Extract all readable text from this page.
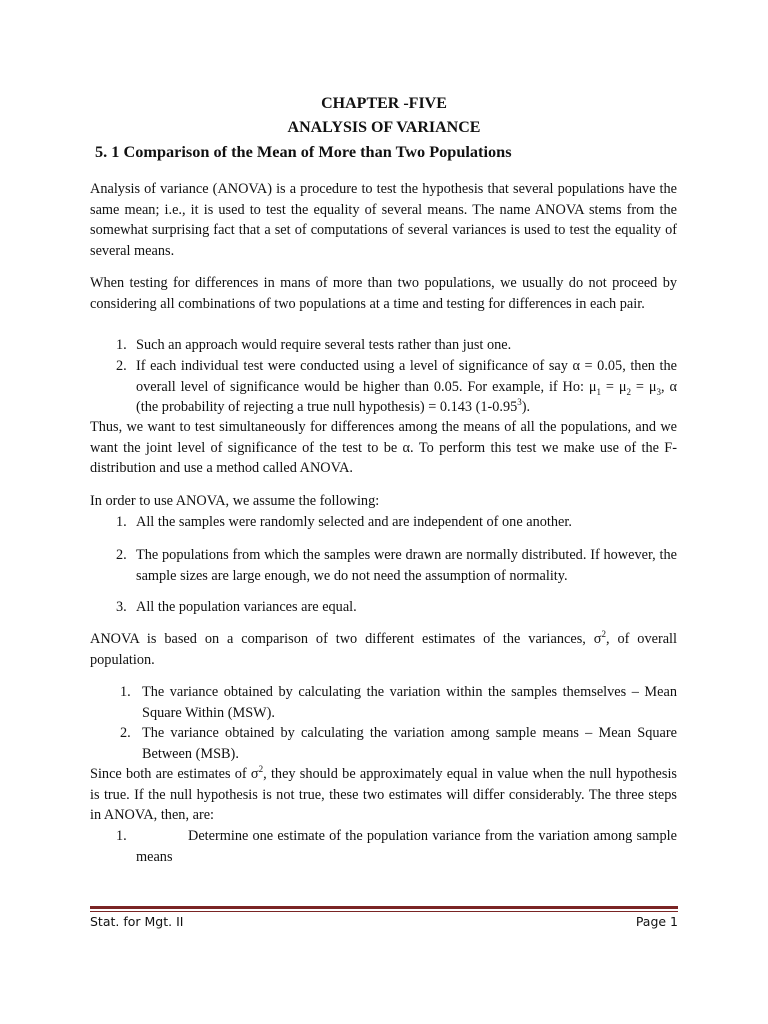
CHAPTER -FIVE
ANALYSIS OF VARIANCE
5. 1 Comparison of the Mean of More than Two Populations

Analysis of variance (ANOVA) is a procedure to test the hypothesis that several populations have the same mean; i.e., it is used to test the equality of several means. The name ANOVA stems from the somewhat surprising fact that a set of computations of several variances is used to test the equality of several means.

When testing for differences in mans of more than two populations, we usually do not proceed by considering all combinations of two populations at a time and testing for differences in each pair.

1. Such an approach would require several tests rather than just one.
2. If each individual test were conducted using a level of significance of say α = 0.05, then the overall level of significance would be higher than 0.05. For example, if Ho: $\mu_1 = \mu_2 = \mu_3$, α (the probability of rejecting a true null hypothesis) = 0.143 (1-0.95$^3$).

Thus, we want to test simultaneously for differences among the means of all the populations, and we want the joint level of significance of the test to be α. To perform this test we make use of the F-distribution and use a method called ANOVA.

In order to use ANOVA, we assume the following:

1. All the samples were randomly selected and are independent of one another.
2. The populations from which the samples were drawn are normally distributed. If however, the sample sizes are large enough, we do not need the assumption of normality.
3. All the population variances are equal.

ANOVA is based on a comparison of two different estimates of the variances, $\sigma^2$, of overall population.

1. The variance obtained by calculating the variation within the samples themselves – Mean Square Within (MSW).
2. The variance obtained by calculating the variation among sample means – Mean Square Between (MSB).

Since both are estimates of $\sigma^2$, they should be approximately equal in value when the null hypothesis is true. If the null hypothesis is not true, these two estimates will differ considerably. The three steps in ANOVA, then, are:

1.	Determine one estimate of the population variance from the variation among sample means
Stat. for Mgt. II	Page 1
